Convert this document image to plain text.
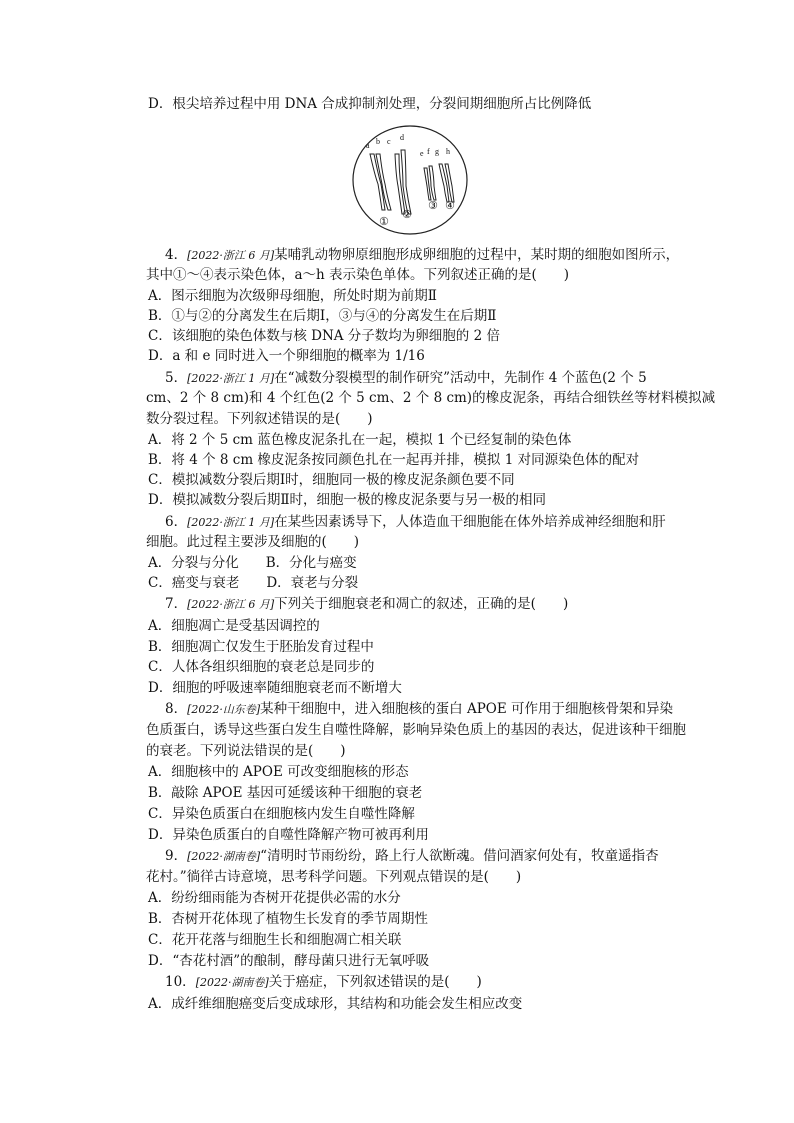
D．根尖培养过程中用 DNA 合成抑制剂处理，分裂间期细胞所占比例降低
a b c d
e f g h
①
②
③ ④
4．[2022·浙江 6 月]某哺乳动物卵原细胞形成卵细胞的过程中，某时期的细胞如图所示，
其中①～④表示染色体，a～h 表示染色单体。下列叙述正确的是(　　)
A．图示细胞为次级卵母细胞，所处时期为前期Ⅱ
B．①与②的分离发生在后期Ⅰ，③与④的分离发生在后期Ⅱ
C．该细胞的染色体数与核 DNA 分子数均为卵细胞的 2 倍
D．a 和 e 同时进入一个卵细胞的概率为 1/16
5．[2022·浙江 1 月]在“减数分裂模型的制作研究”活动中，先制作 4 个蓝色(2 个 5
cm、2 个 8 cm)和 4 个红色(2 个 5 cm、2 个 8 cm)的橡皮泥条，再结合细铁丝等材料模拟减
数分裂过程。下列叙述错误的是(　　)
A．将 2 个 5 cm 蓝色橡皮泥条扎在一起，模拟 1 个已经复制的染色体
B．将 4 个 8 cm 橡皮泥条按同颜色扎在一起再并排，模拟 1 对同源染色体的配对
C．模拟减数分裂后期Ⅰ时，细胞同一极的橡皮泥条颜色要不同
D．模拟减数分裂后期Ⅱ时，细胞一极的橡皮泥条要与另一极的相同
6．[2022·浙江 1 月]在某些因素诱导下，人体造血干细胞能在体外培养成神经细胞和肝
细胞。此过程主要涉及细胞的(　　)
A．分裂与分化　　B．分化与癌变
C．癌变与衰老　　D．衰老与分裂
7．[2022·浙江 6 月]下列关于细胞衰老和凋亡的叙述，正确的是(　　)
A．细胞凋亡是受基因调控的
B．细胞凋亡仅发生于胚胎发育过程中
C．人体各组织细胞的衰老总是同步的
D．细胞的呼吸速率随细胞衰老而不断增大
8．[2022·山东卷]某种干细胞中，进入细胞核的蛋白 APOE 可作用于细胞核骨架和异染
色质蛋白，诱导这些蛋白发生自噬性降解，影响异染色质上的基因的表达，促进该种干细胞
的衰老。下列说法错误的是(　　)
A．细胞核中的 APOE 可改变细胞核的形态
B．敲除 APOE 基因可延缓该种干细胞的衰老
C．异染色质蛋白在细胞核内发生自噬性降解
D．异染色质蛋白的自噬性降解产物可被再利用
9．[2022·湖南卷]“清明时节雨纷纷，路上行人欲断魂。借问酒家何处有，牧童遥指杏
花村。”徜徉古诗意境，思考科学问题。下列观点错误的是(　　)
A．纷纷细雨能为杏树开花提供必需的水分
B．杏树开花体现了植物生长发育的季节周期性
C．花开花落与细胞生长和细胞凋亡相关联
D．“杏花村酒”的酿制，酵母菌只进行无氧呼吸
10．[2022·湖南卷]关于癌症，下列叙述错误的是(　　)
A．成纤维细胞癌变后变成球形，其结构和功能会发生相应改变
